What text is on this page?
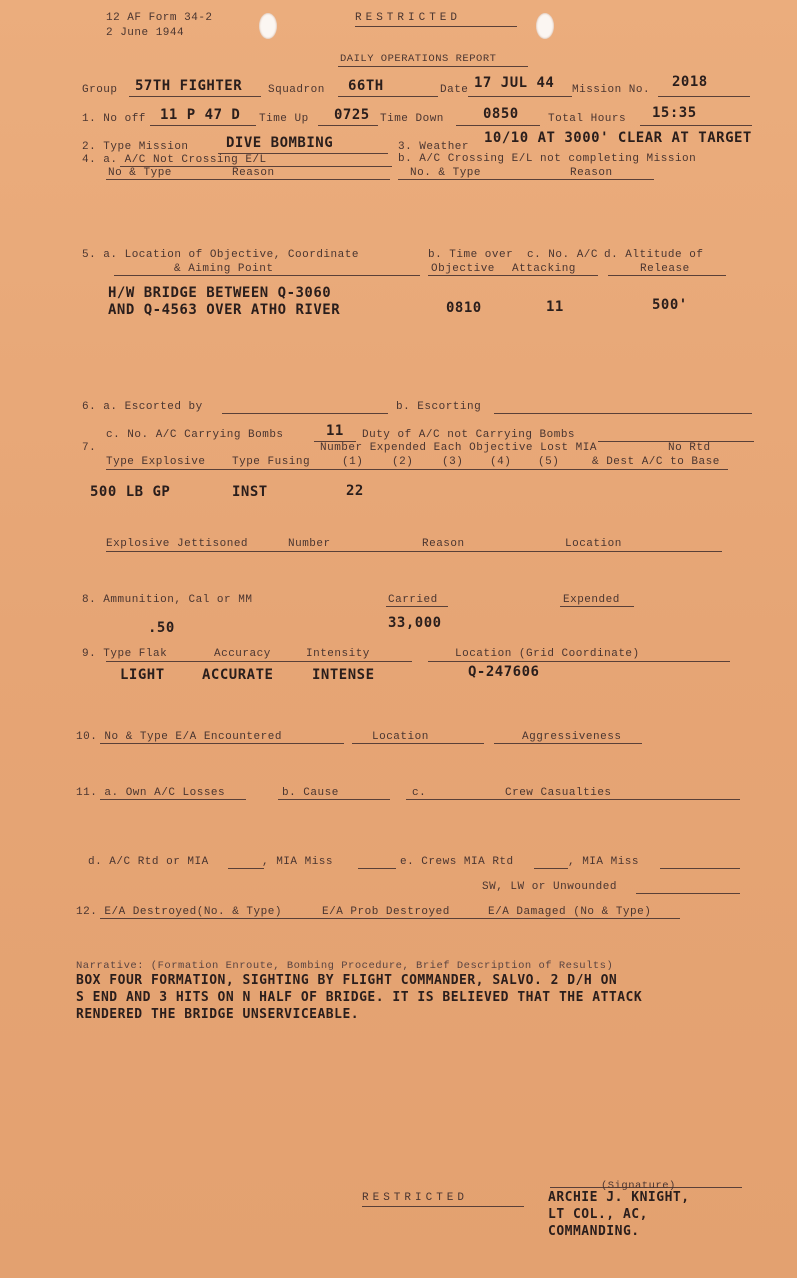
12 AF Form 34-2
2 June 1944
RESTRICTED
DAILY OPERATIONS REPORT
Group 57TH FIGHTER Squadron 66TH	Date 17 JUL 44 Mission No. 2018
1. No off 11 P 47 D Time Up 0725 Time Down	0850	Total Hours 15:35
2. Type Mission	DIVE BOMBING	3. Weather
10/10 AT 3000' CLEAR AT TARGET
4. a. A/C Not Crossing E/L	b. A/C Crossing E/L not completing Mission
No & Type	Reason	No. & Type	Reason
5. a. Location of Objective, Coordinate	b. Time over c. No. A/C d. Altitude of
& Aiming Point	Objective Attacking	Release
H/W BRIDGE BETWEEN Q-3060
AND Q-4563 OVER ATHO RIVER	0810	11	500'
6. a. Escorted by	b. Escorting
c. No. A/C Carrying Bombs	11 Duty of A/C not Carrying Bombs
7.	Number Expended Each Objective Lost MIA	No Rtd
Type Explosive Type Fusing	(1)	(2)	(3) (4) (5)	& Dest A/C to Base
500 LB GP	INST	22
Explosive Jettisoned	Number	Reason	Location
8. Ammunition, Cal or MM	Carried	Expended
.50	33,000
9. Type Flak	Accuracy	Intensity	Location (Grid Coordinate)
LIGHT	ACCURATE	INTENSE	Q-247606
10. No & Type E/A Encountered	Location	Aggressiveness
11. a. Own A/C Losses	b. Cause	c.	Crew Casualties
d. A/C Rtd or MIA	, MIA Miss	e. Crews MIA Rtd	, MIA Miss
SW, LW or Unwounded
12. E/A Destroyed(No. & Type)	E/A Prob Destroyed	E/A Damaged (No & Type)
Narrative: (Formation Enroute, Bombing Procedure, Brief Description of Results)
BOX FOUR FORMATION, SIGHTING BY FLIGHT COMMANDER, SALVO. 2 D/H ON
S END AND 3 HITS ON N HALF OF BRIDGE. IT IS BELIEVED THAT THE ATTACK
RENDERED THE BRIDGE UNSERVICEABLE.
(Signature)
RESTRICTED	ARCHIE J. KNIGHT,
LT COL., AC,
COMMANDING.
